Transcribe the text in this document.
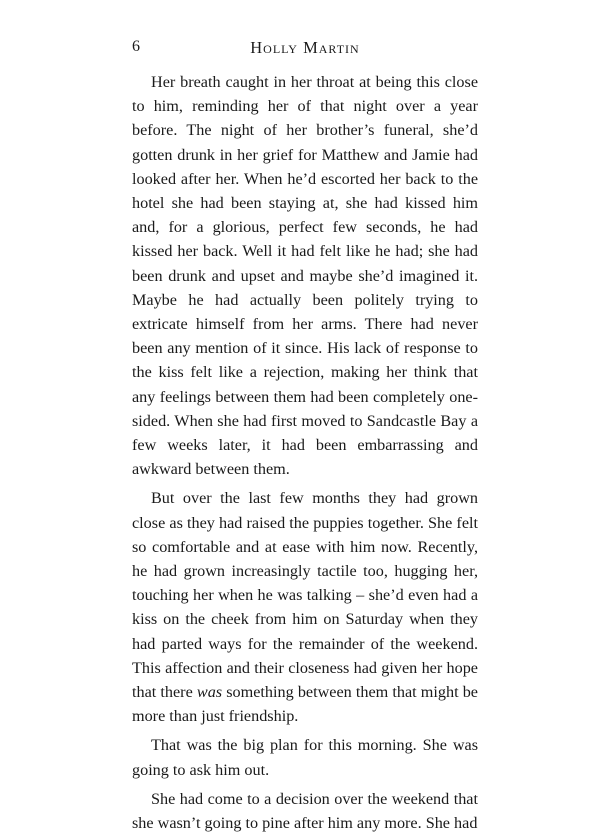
6	Holly Martin

Her breath caught in her throat at being this close to him, reminding her of that night over a year before. The night of her brother’s funeral, she’d gotten drunk in her grief for Matthew and Jamie had looked after her. When he’d escorted her back to the hotel she had been staying at, she had kissed him and, for a glorious, perfect few seconds, he had kissed her back. Well it had felt like he had; she had been drunk and upset and maybe she’d imagined it. Maybe he had actually been politely trying to extricate himself from her arms. There had never been any mention of it since. His lack of response to the kiss felt like a rejection, making her think that any feelings between them had been completely one-sided. When she had first moved to Sandcastle Bay a few weeks later, it had been embarrassing and awkward between them.

But over the last few months they had grown close as they had raised the puppies together. She felt so comfortable and at ease with him now. Recently, he had grown increasingly tactile too, hugging her, touching her when he was talking – she’d even had a kiss on the cheek from him on Saturday when they had parted ways for the remainder of the weekend. This affection and their closeness had given her hope that there was something between them that might be more than just friendship.

That was the big plan for this morning. She was going to ask him out.

She had come to a decision over the weekend that she wasn’t going to pine after him any more. She had
